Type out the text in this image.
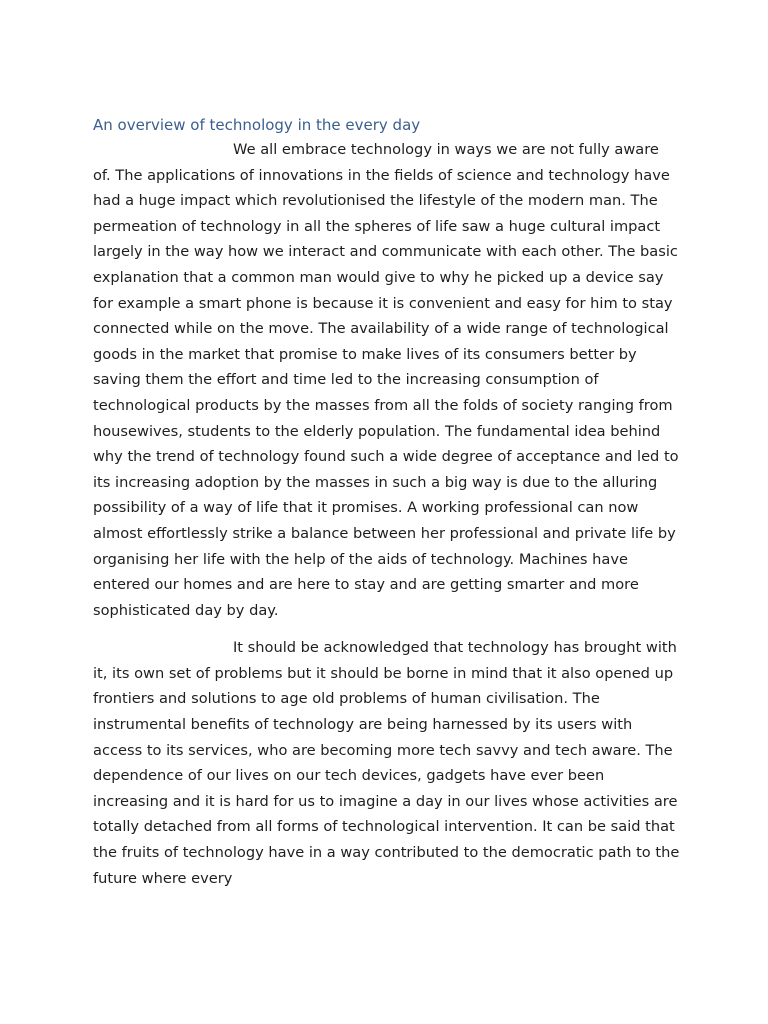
An overview of technology in the every day

We all embrace technology in ways we are not fully aware of. The applications of innovations in the fields of science and technology have had a huge impact which revolutionised the lifestyle of the modern man. The permeation of technology in all the spheres of life saw a huge cultural impact largely in the way how we interact and communicate with each other. The basic explanation that a common man would give to why he picked up a device say for example a smart phone is because it is convenient and easy for him to stay connected while on the move. The availability of a wide range of technological goods in the market that promise to make lives of its consumers better by saving them the effort and time led to the increasing consumption of technological products by the masses from all the folds of society ranging from housewives, students to the elderly population. The fundamental idea behind why the trend of technology found such a wide degree of acceptance and led to its increasing adoption by the masses in such a big way is due to the alluring possibility of a way of life that it promises. A working professional can now almost effortlessly strike a balance between her professional and private life by organising her life with the help of the aids of technology. Machines have entered our homes and are here to stay and are getting smarter and more sophisticated day by day.

It should be acknowledged that technology has brought with it, its own set of problems but it should be borne in mind that it also opened up frontiers and solutions to age old problems of human civilisation. The instrumental benefits of technology are being harnessed by its users with access to its services, who are becoming more tech savvy and tech aware. The dependence of our lives on our tech devices, gadgets have ever been increasing and it is hard for us to imagine a day in our lives whose activities are totally detached from all forms of technological intervention. It can be said that the fruits of technology have in a way contributed to the democratic path to the future where every
